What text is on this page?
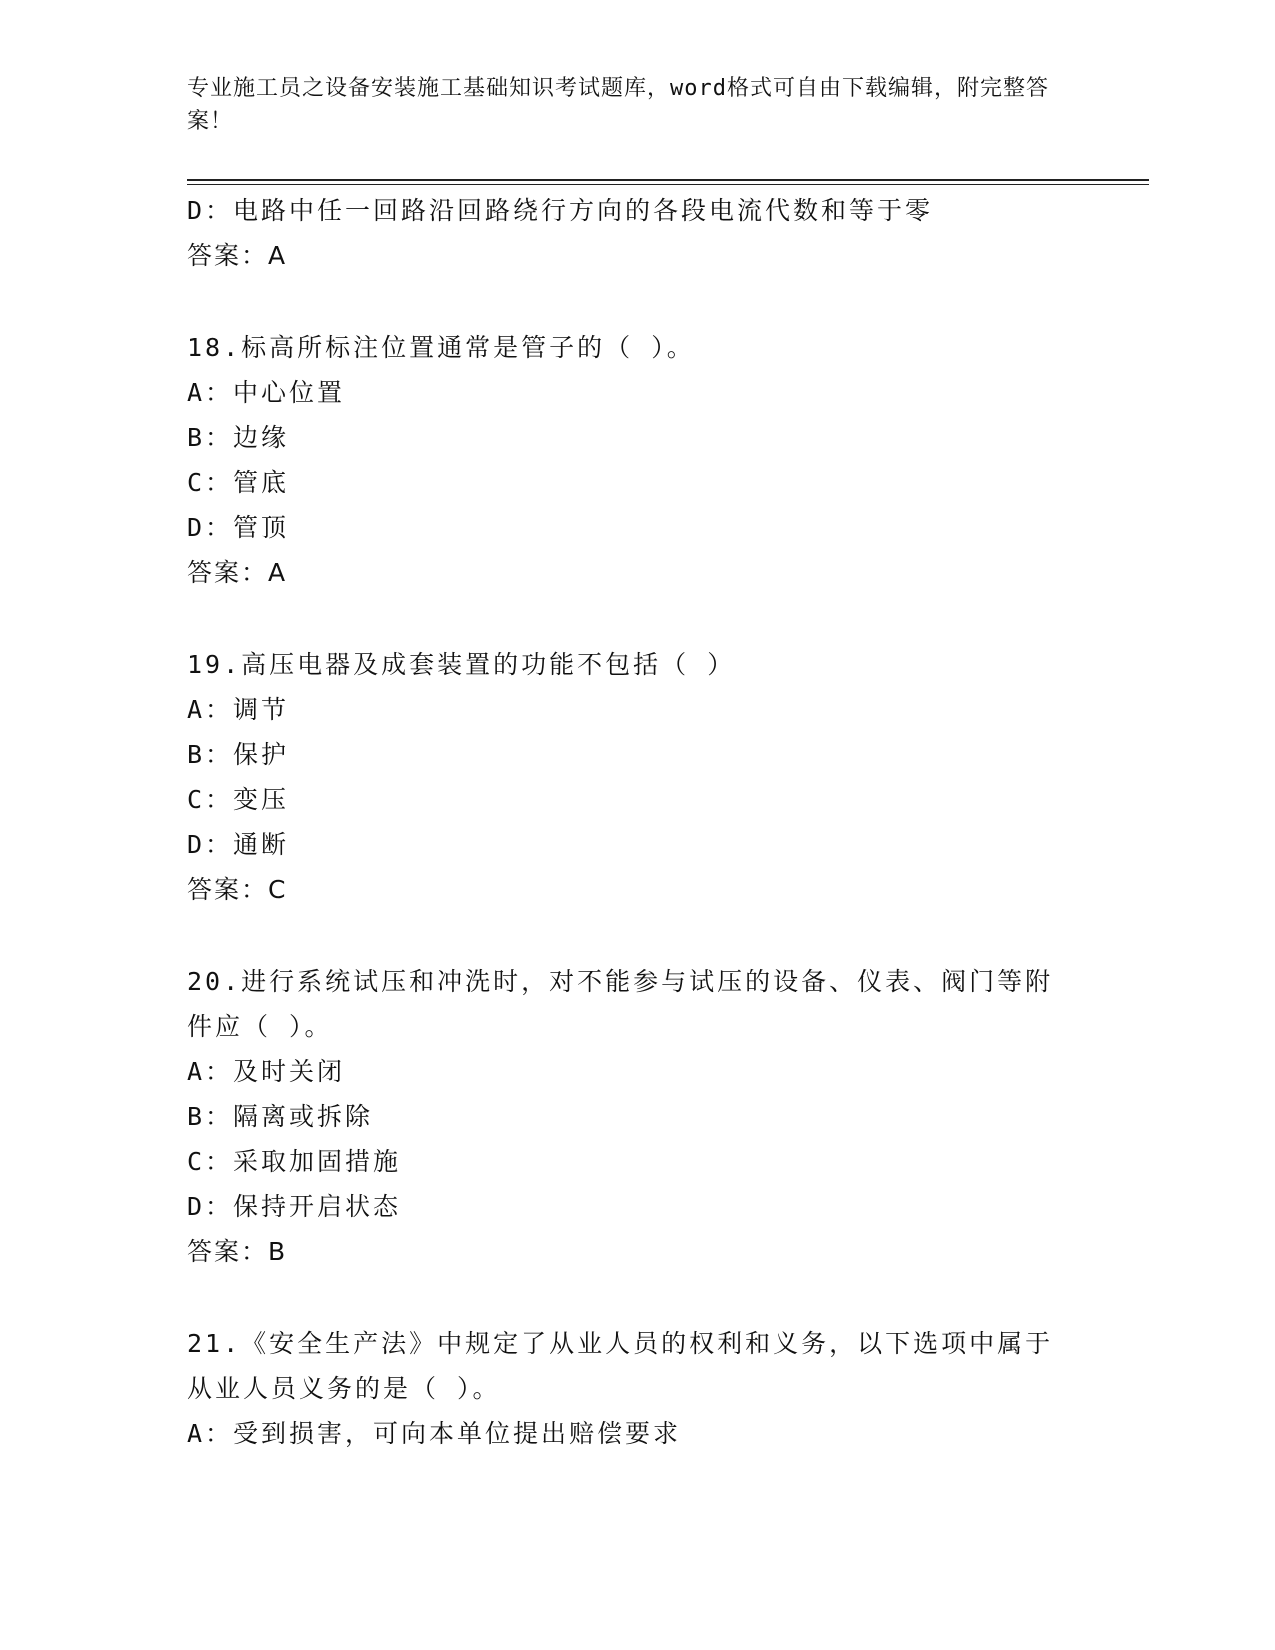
专业施工员之设备安装施工基础知识考试题库，word格式可自由下载编辑，附完整答案！
D：电路中任一回路沿回路绕行方向的各段电流代数和等于零
答案：A
18.标高所标注位置通常是管子的（ ）。
A：中心位置
B：边缘
C：管底
D：管顶
答案：A
19.高压电器及成套装置的功能不包括（ ）
A：调节
B：保护
C：变压
D：通断
答案：C
20.进行系统试压和冲洗时，对不能参与试压的设备、仪表、阀门等附
件应（ ）。
A：及时关闭
B：隔离或拆除
C：采取加固措施
D：保持开启状态
答案：B
21.《安全生产法》中规定了从业人员的权利和义务，以下选项中属于
从业人员义务的是（ ）。
A：受到损害，可向本单位提出赔偿要求
